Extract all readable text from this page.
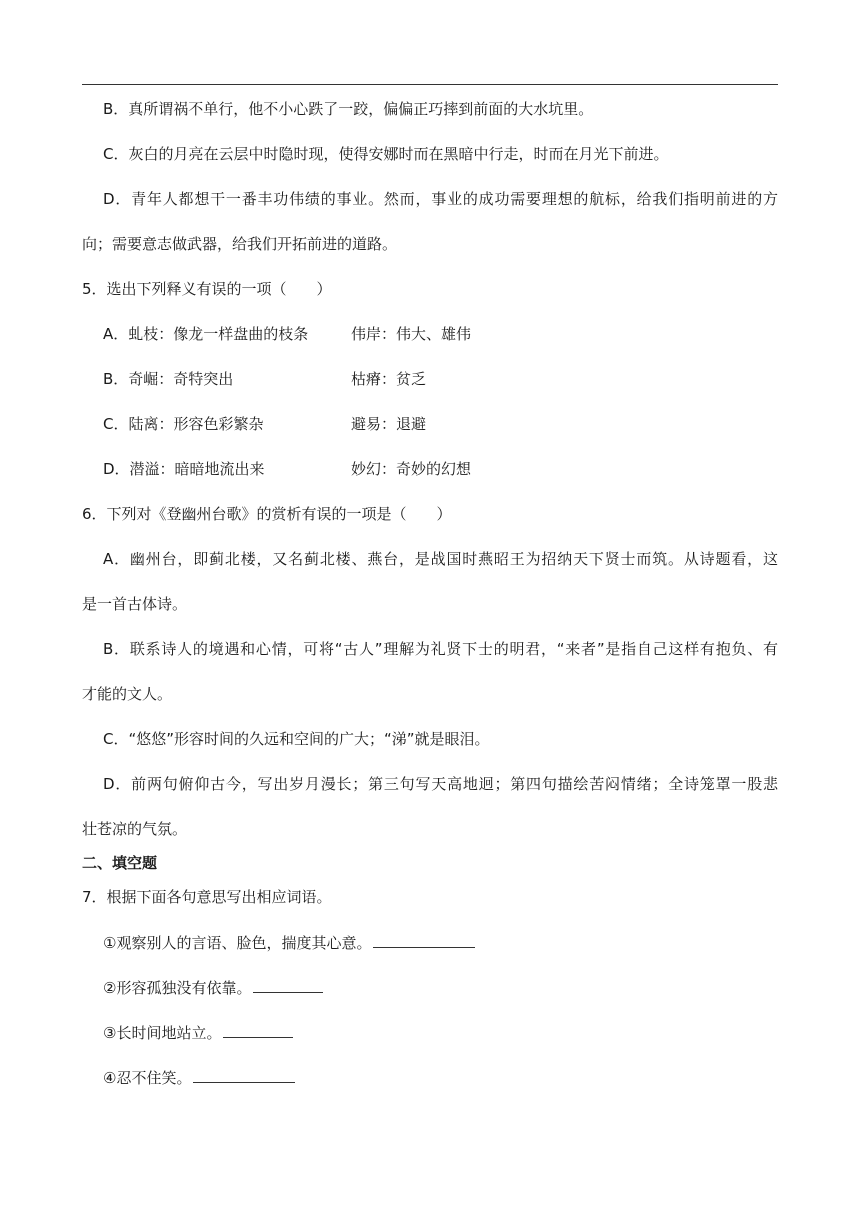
B．真所谓祸不单行，他不小心跌了一跤，偏偏正巧摔到前面的大水坑里。
C．灰白的月亮在云层中时隐时现，使得安娜时而在黑暗中行走，时而在月光下前进。
D．青年人都想干一番丰功伟绩的事业。然而，事业的成功需要理想的航标，给我们指明前进的方
向；需要意志做武器，给我们开拓前进的道路。
5．选出下列释义有误的一项（　　）
A．虬枝：像龙一样盘曲的枝条	伟岸：伟大、雄伟
B．奇崛：奇特突出	枯瘠：贫乏
C．陆离：形容色彩繁杂	避易：退避
D．潜溢：暗暗地流出来	妙幻：奇妙的幻想
6．下列对《登幽州台歌》的赏析有误的一项是（　　）
A．幽州台，即蓟北楼，又名蓟北楼、燕台，是战国时燕昭王为招纳天下贤士而筑。从诗题看，这
是一首古体诗。
B．联系诗人的境遇和心情，可将“古人”理解为礼贤下士的明君，“来者”是指自己这样有抱负、有
才能的文人。
C．“悠悠”形容时间的久远和空间的广大；“涕”就是眼泪。
D．前两句俯仰古今，写出岁月漫长；第三句写天高地迥；第四句描绘苦闷情绪；全诗笼罩一股悲
壮苍凉的气氛。
二、填空题
7．根据下面各句意思写出相应词语。
①观察别人的言语、脸色，揣度其心意。
②形容孤独没有依靠。
③长时间地站立。
④忍不住笑。
